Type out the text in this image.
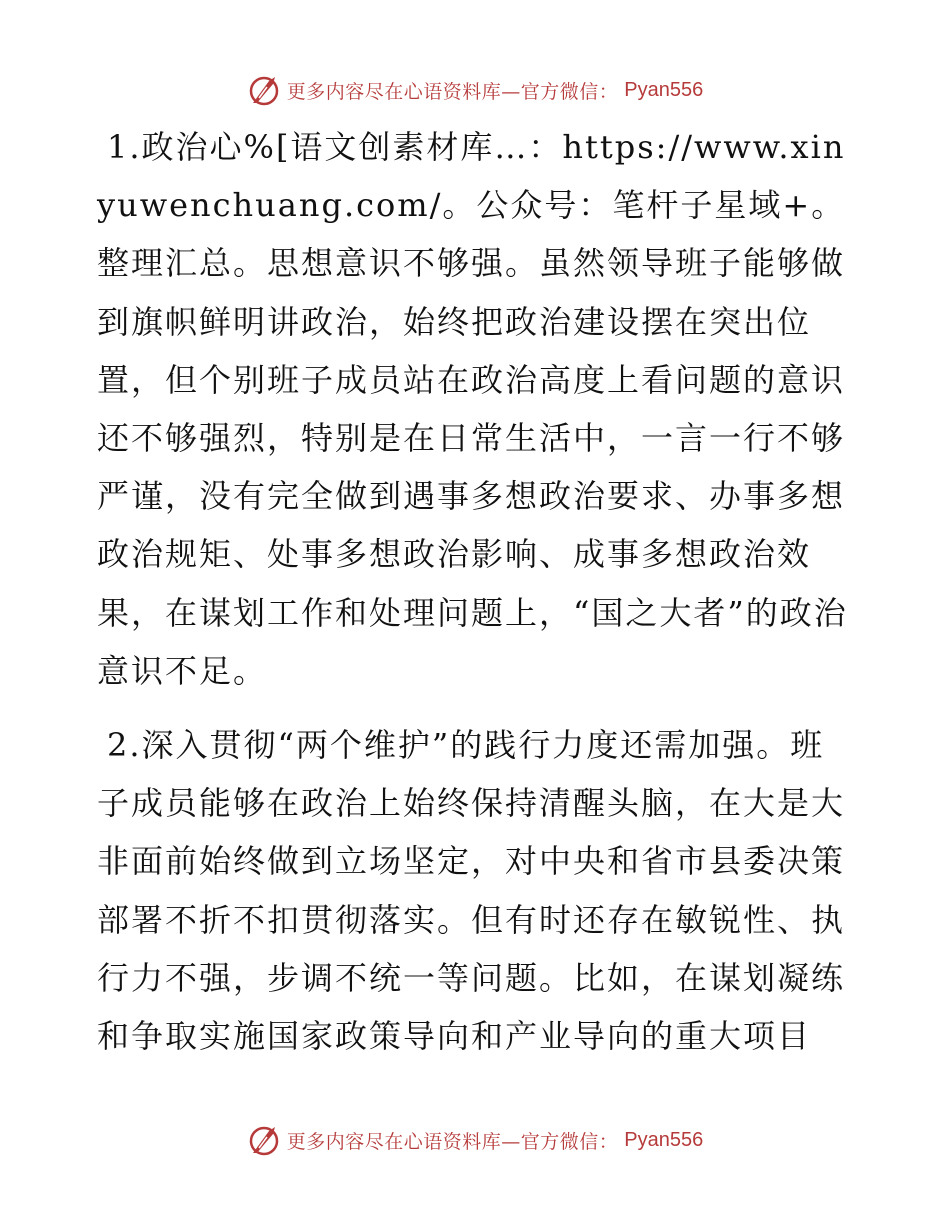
更多内容尽在心语资料库—官方微信： Pyan556

1.政治心%[语文创素材库…：https://www.xinyuwenchuang.com/。公众号：笔杆子星域+。整理汇总。思想意识不够强。虽然领导班子能够做到旗帜鲜明讲政治，始终把政治建设摆在突出位置，但个别班子成员站在政治高度上看问题的意识还不够强烈，特别是在日常生活中，一言一行不够严谨，没有完全做到遇事多想政治要求、办事多想政治规矩、处事多想政治影响、成事多想政治效果，在谋划工作和处理问题上，“国之大者”的政治意识不足。

2.深入贯彻“两个维护”的践行力度还需加强。班子成员能够在政治上始终保持清醒头脑，在大是大非面前始终做到立场坚定，对中央和省市县委决策部署不折不扣贯彻落实。但有时还存在敏锐性、执行力不强，步调不统一等问题。比如，在谋划凝练和争取实施国家政策导向和产业导向的重大项目

更多内容尽在心语资料库—官方微信： Pyan556
